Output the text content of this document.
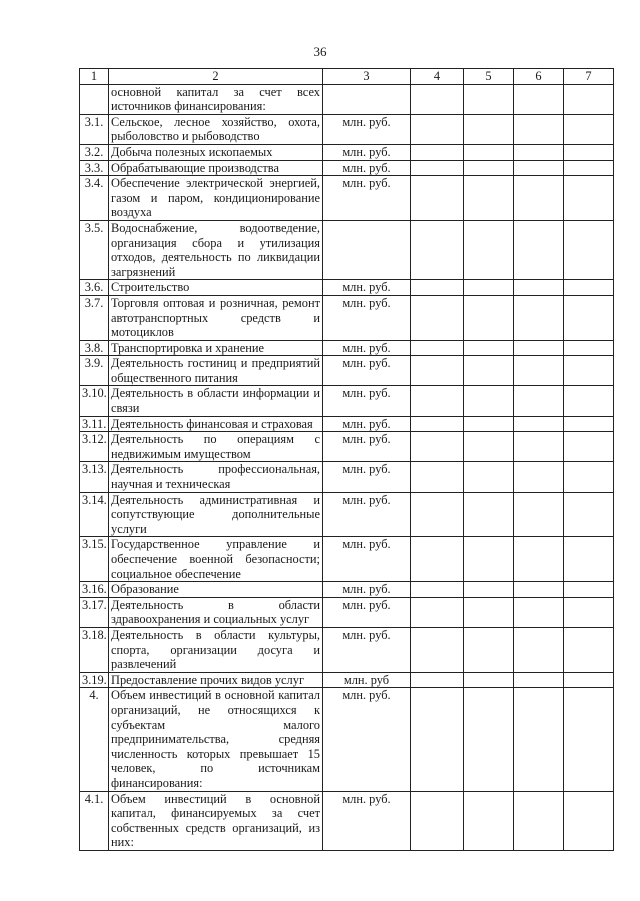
36
1	2	3	4	5	6	7
	основной капитал за счет всех источников финансирования:					
3.1.	Сельское, лесное хозяйство, охота, рыболовство и рыбоводство	млн. руб.				
3.2.	Добыча полезных ископаемых	млн. руб.				
3.3.	Обрабатывающие производства	млн. руб.				
3.4.	Обеспечение электрической энергией, газом и паром, кондиционирование воздуха	млн. руб.				
3.5.	Водоснабжение, водоотведение, организация сбора и утилизация отходов, деятельность по ликвидации загрязнений					
3.6.	Строительство	млн. руб.				
3.7.	Торговля оптовая и розничная, ремонт автотранспортных средств и мотоциклов	млн. руб.				
3.8.	Транспортировка и хранение	млн. руб.				
3.9.	Деятельность гостиниц и предприятий общественного питания	млн. руб.				
3.10.	Деятельность в области информации и связи	млн. руб.				
3.11.	Деятельность финансовая и страховая	млн. руб.				
3.12.	Деятельность по операциям с недвижимым имуществом	млн. руб.				
3.13.	Деятельность профессиональная, научная и техническая	млн. руб.				
3.14.	Деятельность административная и сопутствующие дополнительные услуги	млн. руб.				
3.15.	Государственное управление и обеспечение военной безопасности; социальное обеспечение	млн. руб.				
3.16.	Образование	млн. руб.				
3.17.	Деятельность в области здравоохранения и социальных услуг	млн. руб.				
3.18.	Деятельность в области культуры, спорта, организации досуга и развлечений	млн. руб.				
3.19.	Предоставление прочих видов услуг	млн. руб				
4.	Объем инвестиций в основной капитал организаций, не относящихся к субъектам малого предпринимательства, средняя численность которых превышает 15 человек, по источникам финансирования:	млн. руб.				
4.1.	Объем инвестиций в основной капитал, финансируемых за счет собственных средств организаций, из них:	млн. руб.				
